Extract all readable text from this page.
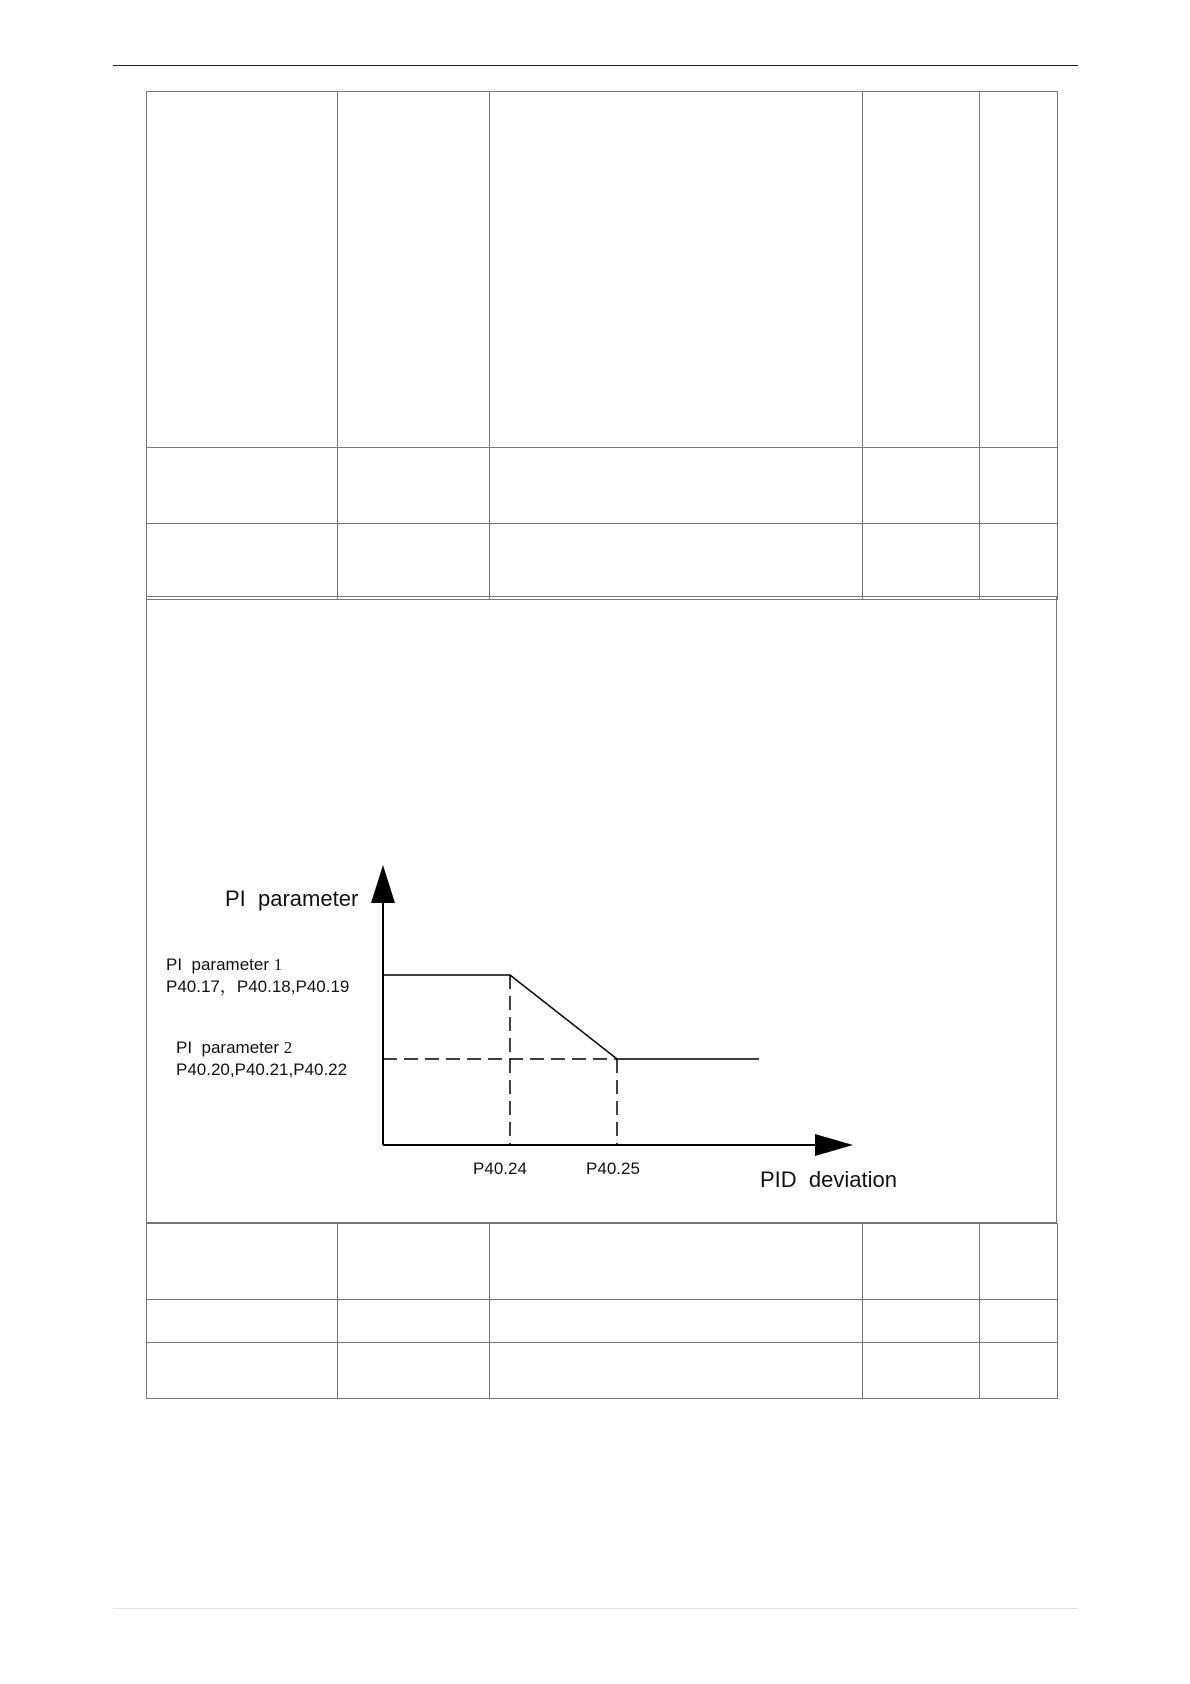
PI  parameter
PID  deviation
PI  parameter 1
P40.17，P40.18,P40.19
PI  parameter 2
P40.20,P40.21,P40.22
P40.24	P40.25
